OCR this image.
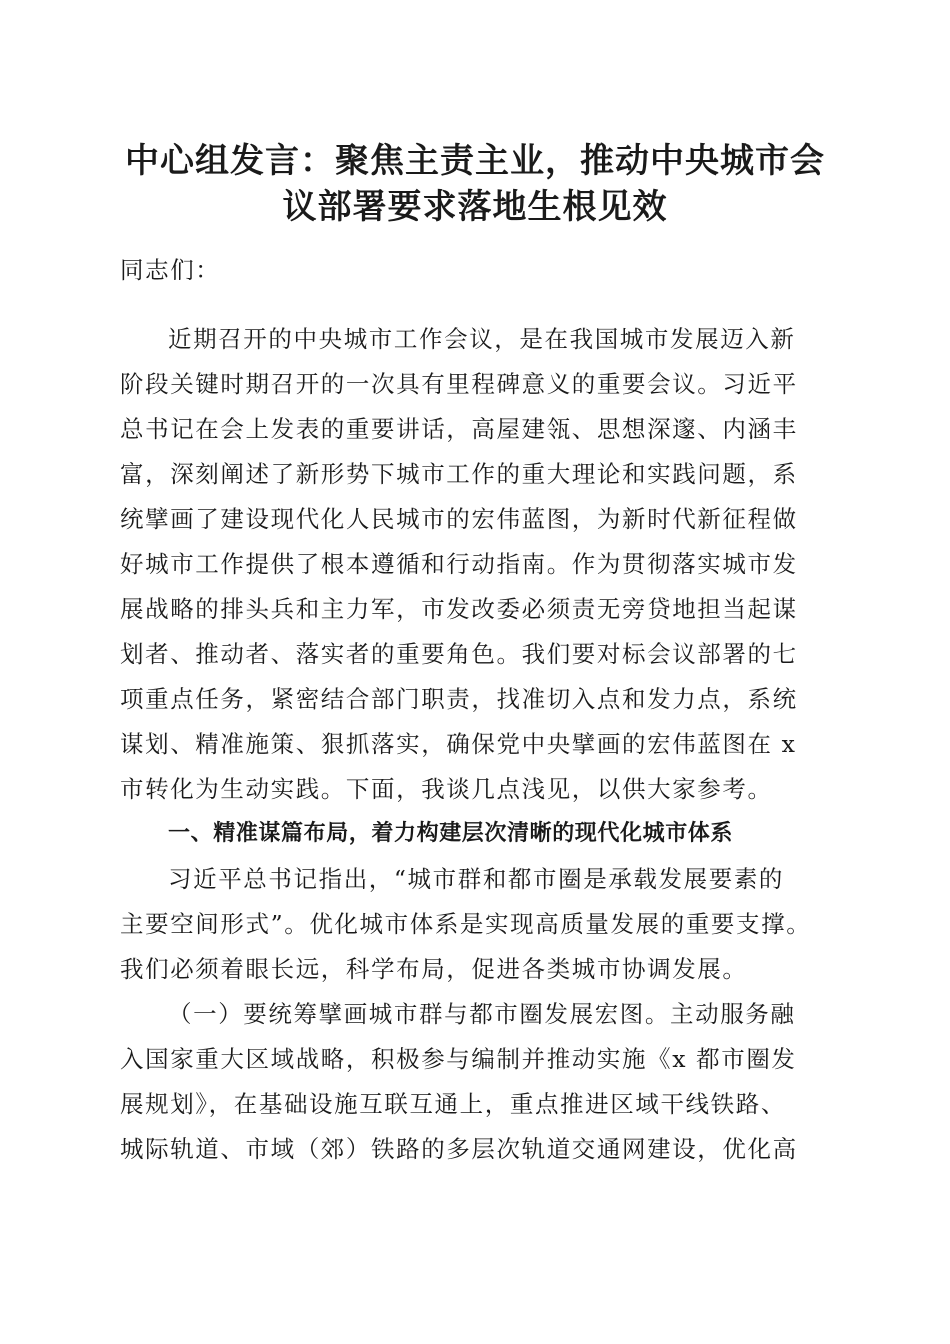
中心组发言：聚焦主责主业，推动中央城市会
议部署要求落地生根见效
同志们：
近期召开的中央城市工作会议，是在我国城市发展迈入新
阶段关键时期召开的一次具有里程碑意义的重要会议。习近平
总书记在会上发表的重要讲话，高屋建瓴、思想深邃、内涵丰
富，深刻阐述了新形势下城市工作的重大理论和实践问题，系
统擘画了建设现代化人民城市的宏伟蓝图，为新时代新征程做
好城市工作提供了根本遵循和行动指南。作为贯彻落实城市发
展战略的排头兵和主力军，市发改委必须责无旁贷地担当起谋
划者、推动者、落实者的重要角色。我们要对标会议部署的七
项重点任务，紧密结合部门职责，找准切入点和发力点，系统
谋划、精准施策、狠抓落实，确保党中央擘画的宏伟蓝图在 x
市转化为生动实践。下面，我谈几点浅见，以供大家参考。
一、精准谋篇布局，着力构建层次清晰的现代化城市体系
习近平总书记指出，“城市群和都市圈是承载发展要素的
主要空间形式”。优化城市体系是实现高质量发展的重要支撑。
我们必须着眼长远，科学布局，促进各类城市协调发展。
（一）要统筹擘画城市群与都市圈发展宏图。主动服务融
入国家重大区域战略，积极参与编制并推动实施《x 都市圈发
展规划》，在基础设施互联互通上，重点推进区域干线铁路、
城际轨道、市域（郊）铁路的多层次轨道交通网建设，优化高
